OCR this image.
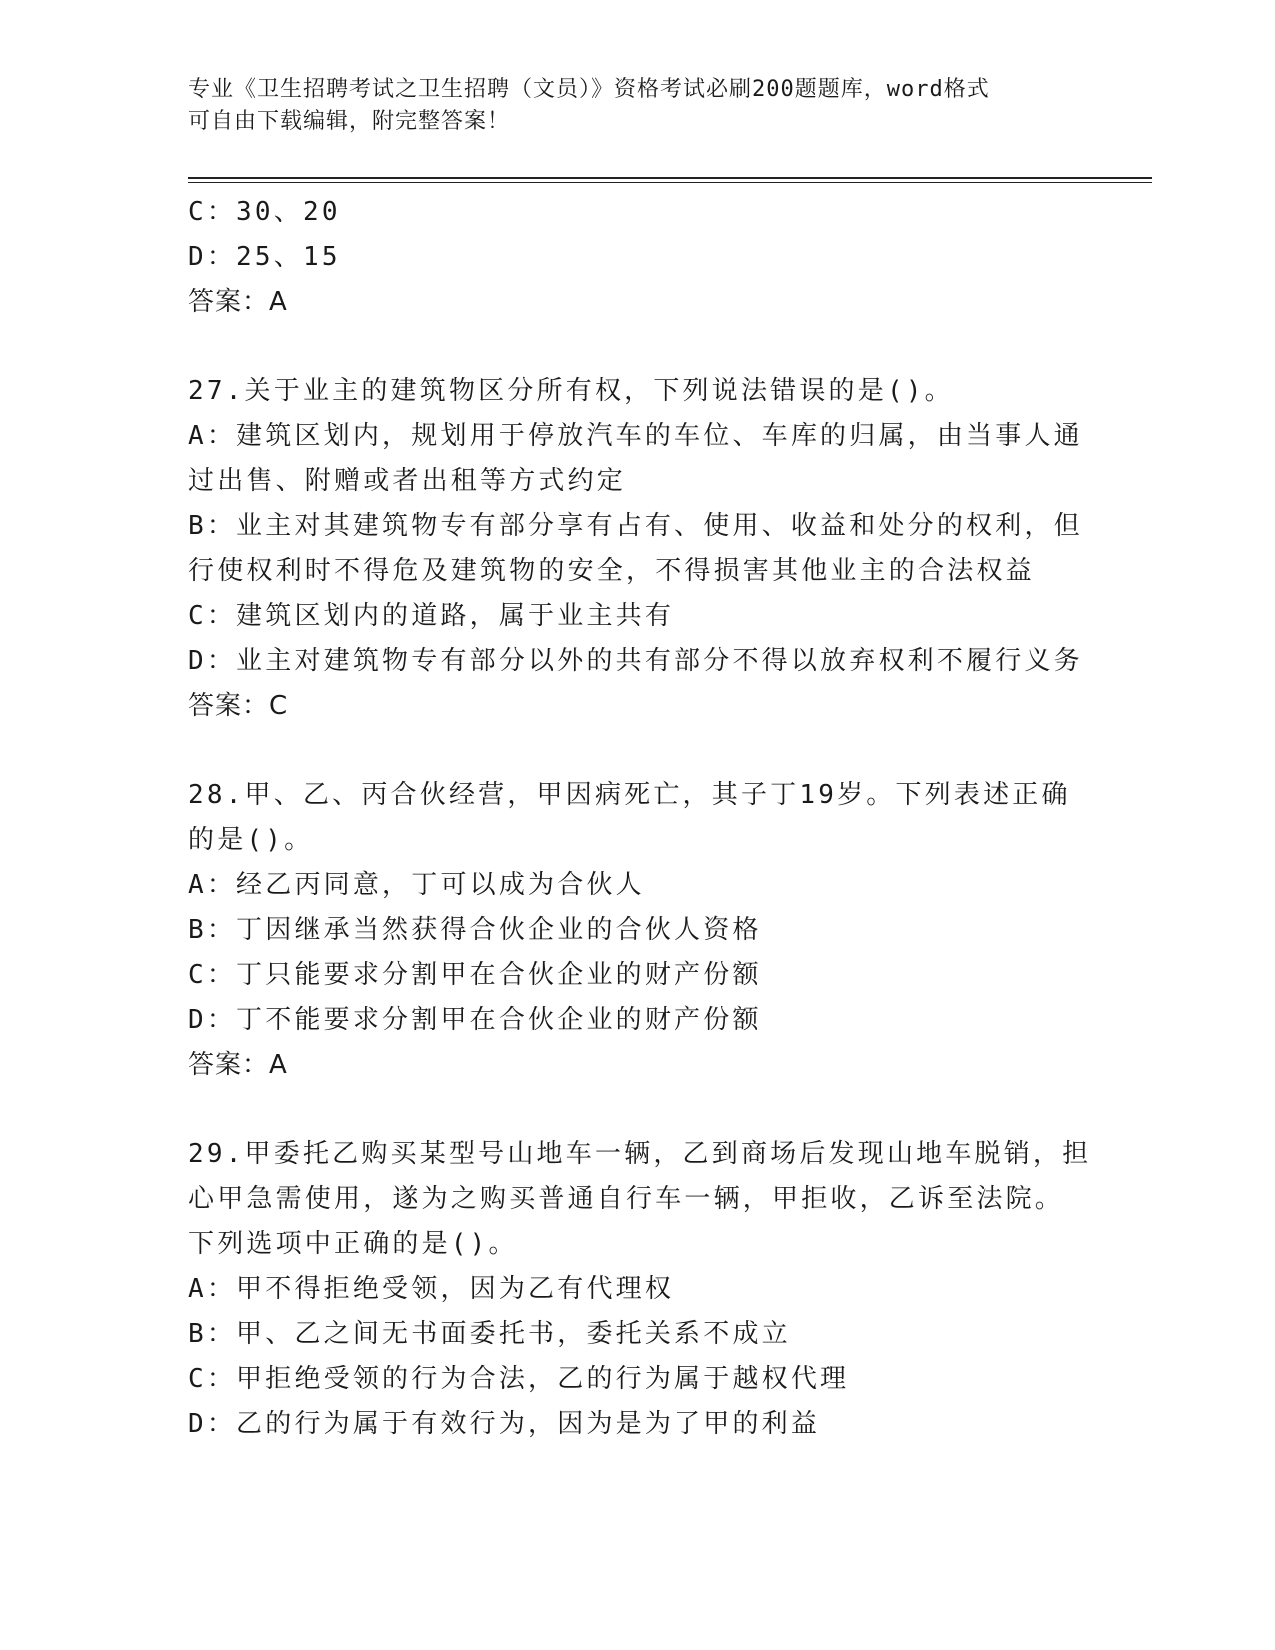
专业《卫生招聘考试之卫生招聘（文员）》资格考试必刷200题题库，word格式
可自由下载编辑，附完整答案！
C：30、20
D：25、15
答案：A
27.关于业主的建筑物区分所有权，下列说法错误的是()。
A：建筑区划内，规划用于停放汽车的车位、车库的归属，由当事人通
过出售、附赠或者出租等方式约定
B：业主对其建筑物专有部分享有占有、使用、收益和处分的权利，但
行使权利时不得危及建筑物的安全，不得损害其他业主的合法权益
C：建筑区划内的道路，属于业主共有
D：业主对建筑物专有部分以外的共有部分不得以放弃权利不履行义务
答案：C
28.甲、乙、丙合伙经营，甲因病死亡，其子丁19岁。下列表述正确
的是()。
A：经乙丙同意，丁可以成为合伙人
B：丁因继承当然获得合伙企业的合伙人资格
C：丁只能要求分割甲在合伙企业的财产份额
D：丁不能要求分割甲在合伙企业的财产份额
答案：A
29.甲委托乙购买某型号山地车一辆，乙到商场后发现山地车脱销，担
心甲急需使用，遂为之购买普通自行车一辆，甲拒收，乙诉至法院。
下列选项中正确的是()。
A：甲不得拒绝受领，因为乙有代理权
B：甲、乙之间无书面委托书，委托关系不成立
C：甲拒绝受领的行为合法，乙的行为属于越权代理
D：乙的行为属于有效行为，因为是为了甲的利益
